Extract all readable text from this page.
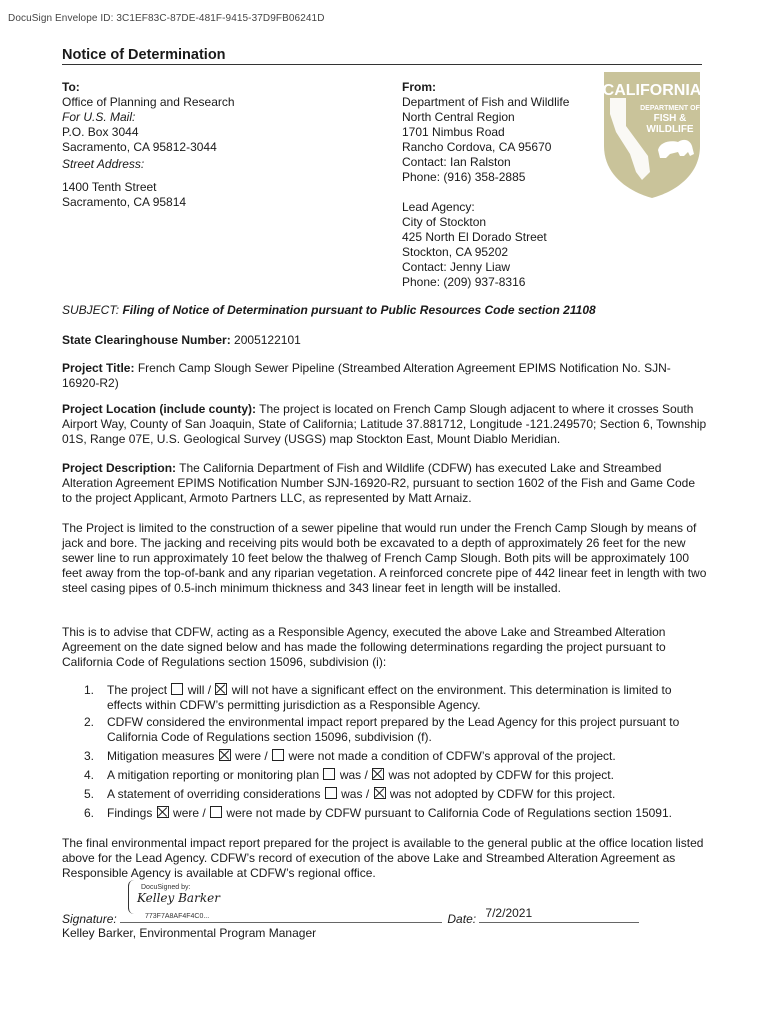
DocuSign Envelope ID: 3C1EF83C-87DE-481F-9415-37D9FB06241D
Notice of Determination
To:
Office of Planning and Research
For U.S. Mail:
P.O. Box 3044
Sacramento, CA 95812-3044
Street Address:
1400 Tenth Street
Sacramento, CA 95814
From:
Department of Fish and Wildlife
North Central Region
1701 Nimbus Road
Rancho Cordova, CA 95670
Contact: Ian Ralston
Phone: (916) 358-2885
Lead Agency:
City of Stockton
425 North El Dorado Street
Stockton, CA 95202
Contact: Jenny Liaw
Phone: (209) 937-8316
CALIFORNIA
DEPARTMENT OF
FISH &
WILDLIFE
SUBJECT: Filing of Notice of Determination pursuant to Public Resources Code section 21108
State Clearinghouse Number: 2005122101
Project Title: French Camp Slough Sewer Pipeline (Streambed Alteration Agreement EPIMS Notification No. SJN-16920-R2)
Project Location (include county): The project is located on French Camp Slough adjacent to where it crosses South Airport Way, County of San Joaquin, State of California; Latitude 37.881712, Longitude -121.249570; Section 6, Township 01S, Range 07E, U.S. Geological Survey (USGS) map Stockton East, Mount Diablo Meridian.
Project Description: The California Department of Fish and Wildlife (CDFW) has executed Lake and Streambed Alteration Agreement EPIMS Notification Number SJN-16920-R2, pursuant to section 1602 of the Fish and Game Code to the project Applicant, Armoto Partners LLC, as represented by Matt Arnaiz.
The Project is limited to the construction of a sewer pipeline that would run under the French Camp Slough by means of jack and bore. The jacking and receiving pits would both be excavated to a depth of approximately 26 feet for the new sewer line to run approximately 10 feet below the thalweg of French Camp Slough. Both pits will be approximately 100 feet away from the top-of-bank and any riparian vegetation. A reinforced concrete pipe of 442 linear feet in length with two steel casing pipes of 0.5-inch minimum thickness and 343 linear feet in length will be installed.
This is to advise that CDFW, acting as a Responsible Agency, executed the above Lake and Streambed Alteration Agreement on the date signed below and has made the following determinations regarding the project pursuant to California Code of Regulations section 15096, subdivision (i):
1. The project will / will not have a significant effect on the environment. This determination is limited to effects within CDFW’s permitting jurisdiction as a Responsible Agency.
2. CDFW considered the environmental impact report prepared by the Lead Agency for this project pursuant to California Code of Regulations section 15096, subdivision (f).
3. Mitigation measures were / were not made a condition of CDFW’s approval of the project.
4. A mitigation reporting or monitoring plan was / was not adopted by CDFW for this project.
5. A statement of overriding considerations was / was not adopted by CDFW for this project.
6. Findings were / were not made by CDFW pursuant to California Code of Regulations section 15091.
The final environmental impact report prepared for the project is available to the general public at the office location listed above for the Lead Agency. CDFW’s record of execution of the above Lake and Streambed Alteration Agreement as Responsible Agency is available at CDFW’s regional office.
DocuSigned by:
Kelley Barker
773F7A8AF4F4C0...
Signature:	Date: 7/2/2021
Kelley Barker, Environmental Program Manager
